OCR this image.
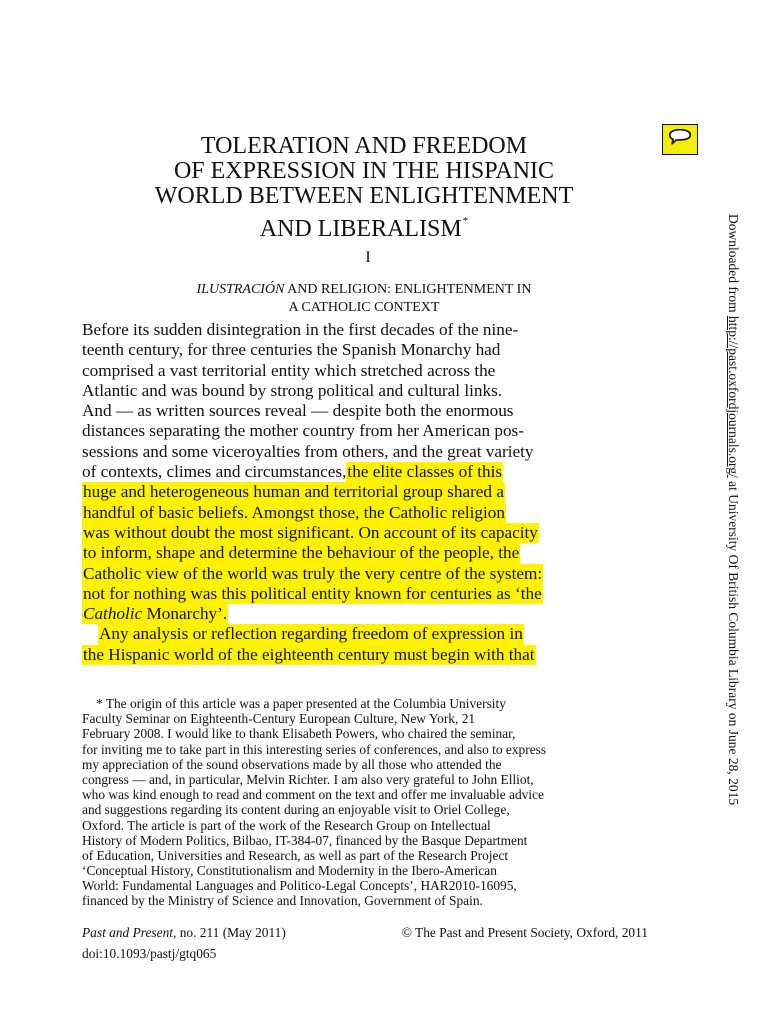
TOLERATION AND FREEDOM
OF EXPRESSION IN THE HISPANIC
WORLD BETWEEN ENLIGHTENMENT
AND LIBERALISM*
I
ILUSTRACIÓN AND RELIGION: ENLIGHTENMENT IN
A CATHOLIC CONTEXT
Before its sudden disintegration in the first decades of the nine-
teenth century, for three centuries the Spanish Monarchy had
comprised a vast territorial entity which stretched across the
Atlantic and was bound by strong political and cultural links.
And — as written sources reveal — despite both the enormous
distances separating the mother country from her American pos-
sessions and some viceroyalties from others, and the great variety
of contexts, climes and circumstances, the elite classes of this
huge and heterogeneous human and territorial group shared a
handful of basic beliefs. Amongst those, the Catholic religion
was without doubt the most significant. On account of its capacity
to inform, shape and determine the behaviour of the people, the
Catholic view of the world was truly the very centre of the system:
not for nothing was this political entity known for centuries as ‘the
Catholic Monarchy’.
Any analysis or reflection regarding freedom of expression in
the Hispanic world of the eighteenth century must begin with that
* The origin of this article was a paper presented at the Columbia University
Faculty Seminar on Eighteenth-Century European Culture, New York, 21
February 2008. I would like to thank Elisabeth Powers, who chaired the seminar,
for inviting me to take part in this interesting series of conferences, and also to express
my appreciation of the sound observations made by all those who attended the
congress — and, in particular, Melvin Richter. I am also very grateful to John Elliot,
who was kind enough to read and comment on the text and offer me invaluable advice
and suggestions regarding its content during an enjoyable visit to Oriel College,
Oxford. The article is part of the work of the Research Group on Intellectual
History of Modern Politics, Bilbao, IT-384-07, financed by the Basque Department
of Education, Universities and Research, as well as part of the Research Project
‘Conceptual History, Constitutionalism and Modernity in the Ibero-American
World: Fundamental Languages and Politico-Legal Concepts’, HAR2010-16095,
financed by the Ministry of Science and Innovation, Government of Spain.
Past and Present, no. 211 (May 2011)	© The Past and Present Society, Oxford, 2011
doi:10.1093/pastj/gtq065
Downloaded from http://past.oxfordjournals.org/ at University Of British Columbia Library on June 28, 2015
